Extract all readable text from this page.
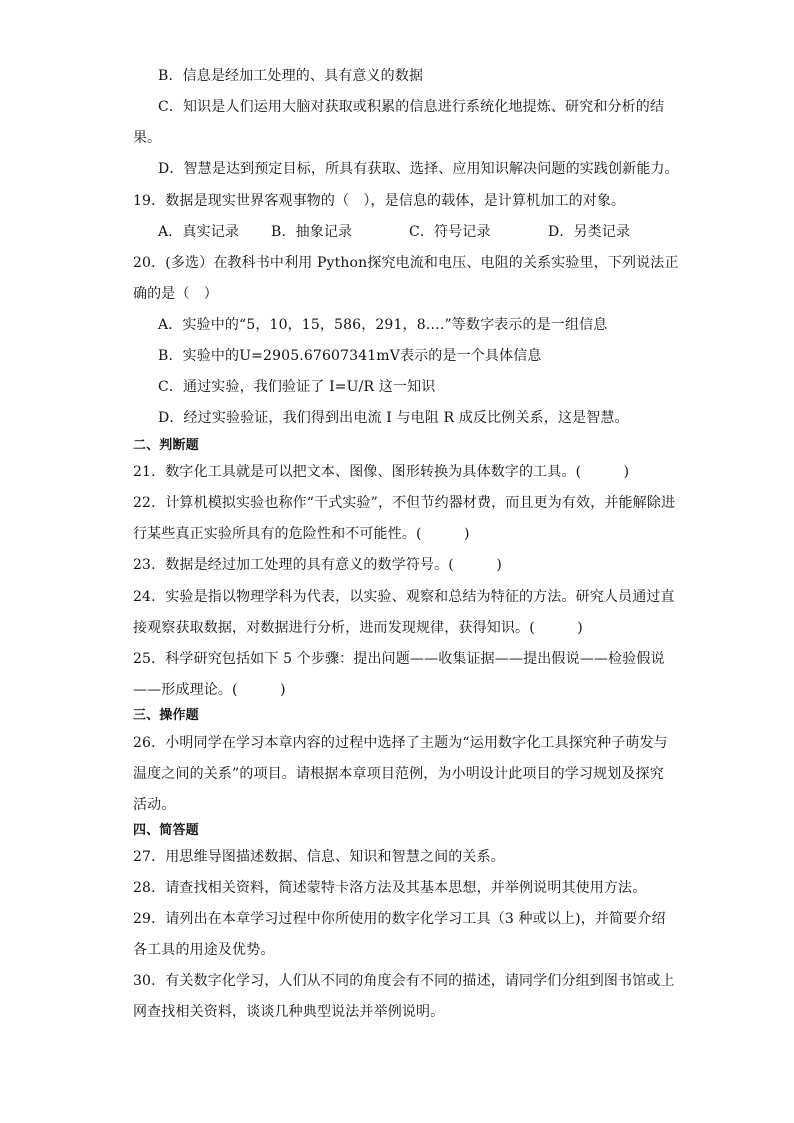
B．信息是经加工处理的、具有意义的数据
C．知识是人们运用大脑对获取或积累的信息进行系统化地提炼、研究和分析的结
果。
D．智慧是达到预定目标，所具有获取、选择、应用知识解决问题的实践创新能力。
19．数据是现实世界客观事物的（　），是信息的载体，是计算机加工的对象。

A．真实记录

B．抽象记录

	C．符号记录

	D．另类记录

20．(多选）在教科书中利用 Python探究电流和电压、电阻的关系实验里，下列说法正
确的是（　）
A．实验中的“5，10，15，586，291，8….”等数字表示的是一组信息
B．实验中的U=2905.67607341mV表示的是一个具体信息
C．通过实验，我们验证了 I=U/R 这一知识
D．经过实验验证，我们得到出电流 I 与电阻 R 成反比例关系，这是智慧。
二、判断题
21．数字化工具就是可以把文本、图像、图形转换为具体数字的工具。(　　　)
22．计算机模拟实验也称作“干式实验”，不但节约器材费，而且更为有效，并能解除进
行某些真正实验所具有的危险性和不可能性。(　　　)
23．数据是经过加工处理的具有意义的数学符号。(　　　)
24．实验是指以物理学科为代表，以实验、观察和总结为特征的方法。研究人员通过直
接观察获取数据，对数据进行分析，进而发现规律，获得知识。(　　　)
25．科学研究包括如下 5 个步骤：提出问题——收集证据——提出假说——检验假说
——形成理论。(　　　)
三、操作题
26．小明同学在学习本章内容的过程中选择了主题为“运用数字化工具探究种子萌发与
温度之间的关系”的项目。请根据本章项目范例，为小明设计此项目的学习规划及探究
活动。
四、简答题
27．用思维导图描述数据、信息、知识和智慧之间的关系。
28．请查找相关资料，简述蒙特卡洛方法及其基本思想，并举例说明其使用方法。
29．请列出在本章学习过程中你所使用的数字化学习工具（3 种或以上)，并简要介绍
各工具的用途及优势。
30．有关数字化学习，人们从不同的角度会有不同的描述，请同学们分组到图书馆或上
网查找相关资料，谈谈几种典型说法并举例说明。
